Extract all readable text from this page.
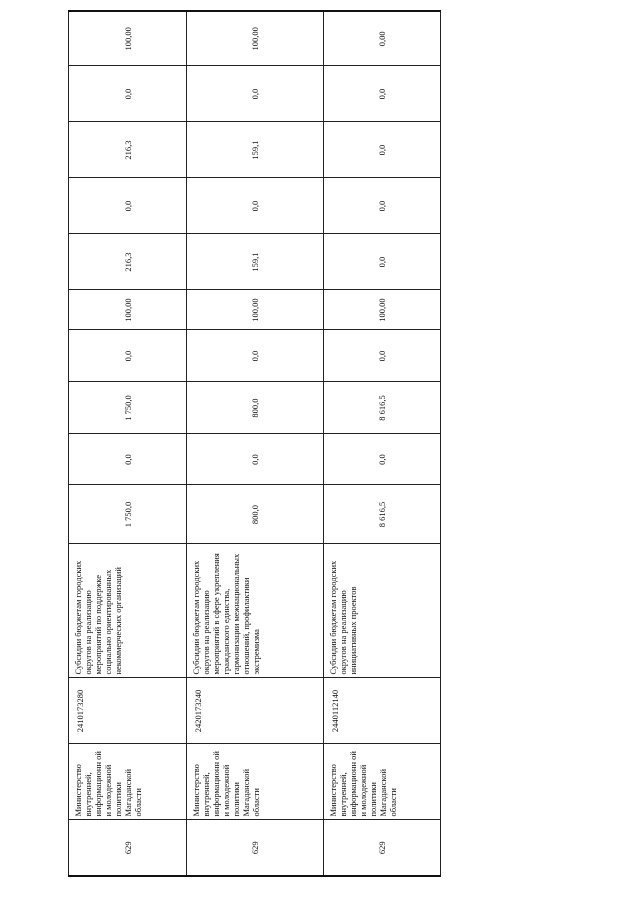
629	Министерство внутренней, информационн ой и молодежной политики Магаданской области	2410173280	Субсидии бюджетам городских округов на реализацию мероприятий по поддержке социально ориентированных некоммерческих организаций	1 750,0	0,0	1 750,0	0,0	100,00	216,3	0,0	216,3	0,0	100,00
629	Министерство внутренней, информационн ой и молодежной политики Магаданской области	2420173240	Субсидии бюджетам городских округов на реализацию мероприятий в сфере укрепления гражданского единства, гармонизации межнациональных отношений, профилактики экстремизма	800,0	0,0	800,0	0,0	100,00	159,1	0,0	159,1	0,0	100,00
629	Министерство внутренней, информационн ой и молодежной политики Магаданской области	2440112140	Субсидии бюджетам городских округов на реализацию инициативных проектов	8 616,5	0,0	8 616,5	0,0	100,00	0,0	0,0	0,0	0,0	0,00
